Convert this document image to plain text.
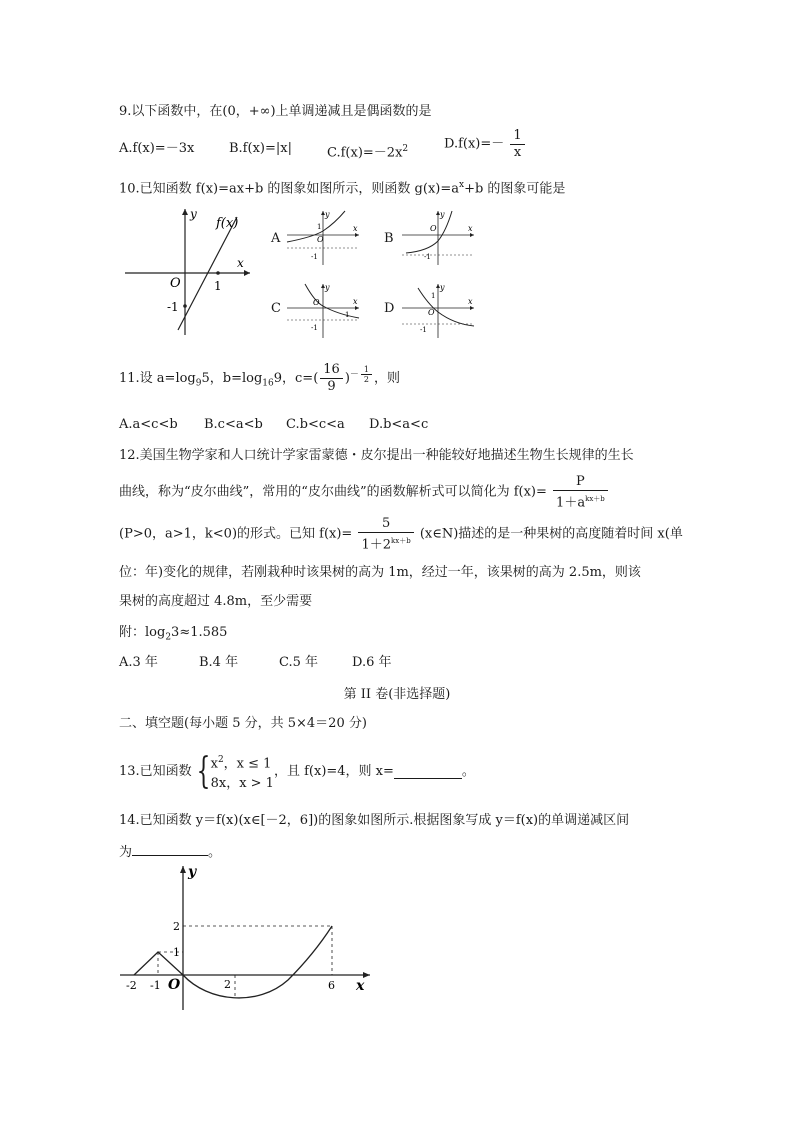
9.以下函数中，在(0，+∞)上单调递减且是偶函数的是
A.f(x)=－3x	B.f(x)=|x|	$C.f(x)=-2x^2$	$D.f(x)=- \frac{1}{x}$
10.已知函数 f(x)=ax+b 的图象如图所示，则函数 $g(x)=a^x+b$ 的图象可能是
f(x)
y
x
O
-1
1
A
y
x
O
1
-1
B
y
x
O
-1
C
y
x
O
1
-1
D
y
x
O
1
-1
11.设 $a=\log_95$，$b=\log_{16}9$，$c=( \frac{16}{9} )^{- \frac{1}{2}}$ ，则
A.a<c<b B.c<a<b C.b<c<a D.b<a<c
12.美国生物学家和人口统计学家雷蒙德・皮尔提出一种能较好地描述生物生长规律的生长
曲线，称为“皮尔曲线”，常用的“皮尔曲线”的函数解析式可以简化为 $f(x)= \frac{P}{1+a^{kx+b}}$
(P>0，a>1，k<0)的形式。已知 $f(x)= \frac{5}{1+2^{kx+b}}$ (x∈N)描述的是一种果树的高度随着时间 x(单
位：年)变化的规律，若刚栽种时该果树的高为 1m，经过一年，该果树的高为 2.5m，则该
果树的高度超过 4.8m，至少需要
附：$\log_23\approx 1.585$
A.3 年	B.4 年	C.5 年	D.6 年
第 II 卷(非选择题)
二、填空题(每小题 5 分，共 5×4＝20 分)
13.已知函数 { $x^2$，x ≤ 1
8x，x > 1
，且 f(x)=4，则 x=	。
14.已知函数 y＝f(x)(x∈[－2，6])的图象如图所示.根据图象写成 y＝f(x)的单调递减区间
为	。
y
x
O
2
1
-2 -1	2	6
